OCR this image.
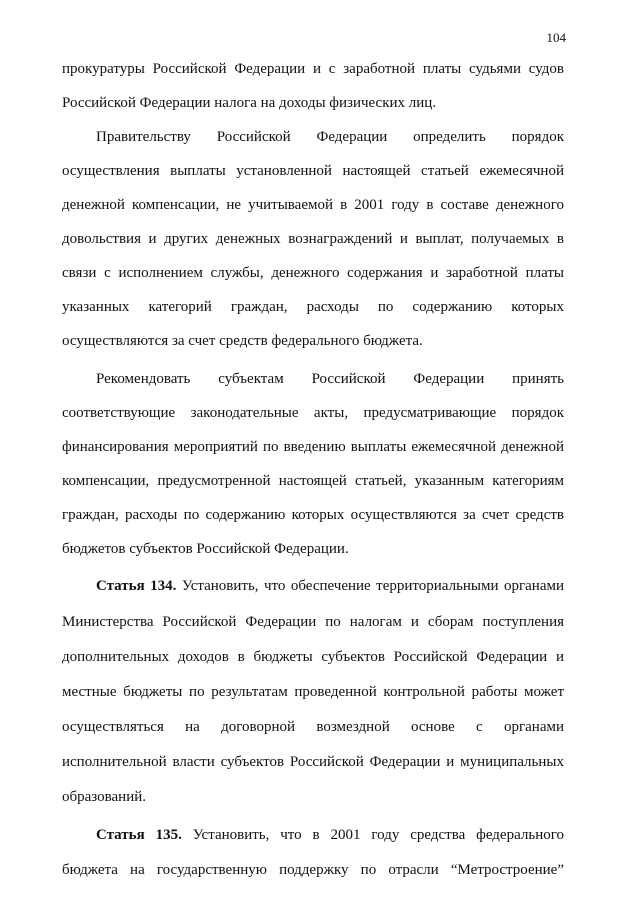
104
прокуратуры Российской Федерации и с заработной платы судьями судов
Российской Федерации налога на доходы физических лиц.
Правительству Российской Федерации определить порядок
осуществления выплаты установленной настоящей статьей ежемесячной
денежной компенсации, не учитываемой в 2001 году в составе денежного
довольствия и других денежных вознаграждений и выплат, получаемых в
связи с исполнением службы, денежного содержания и заработной платы
указанных категорий граждан, расходы по содержанию которых
осуществляются за счет средств федерального бюджета.
Рекомендовать субъектам Российской Федерации принять
соответствующие законодательные акты, предусматривающие порядок
финансирования мероприятий по введению выплаты ежемесячной денежной
компенсации, предусмотренной настоящей статьей, указанным категориям
граждан, расходы по содержанию которых осуществляются за счет средств
бюджетов субъектов Российской Федерации.
Статья 134. Установить, что обеспечение территориальными органами
Министерства Российской Федерации по налогам и сборам поступления
дополнительных доходов в бюджеты субъектов Российской Федерации и
местные бюджеты по результатам проведенной контрольной работы может
осуществляться на договорной возмездной основе с органами
исполнительной власти субъектов Российской Федерации и муниципальных
образований.
Статья 135. Установить, что в 2001 году средства федерального
бюджета на государственную поддержку по отрасли “Метростроение”
